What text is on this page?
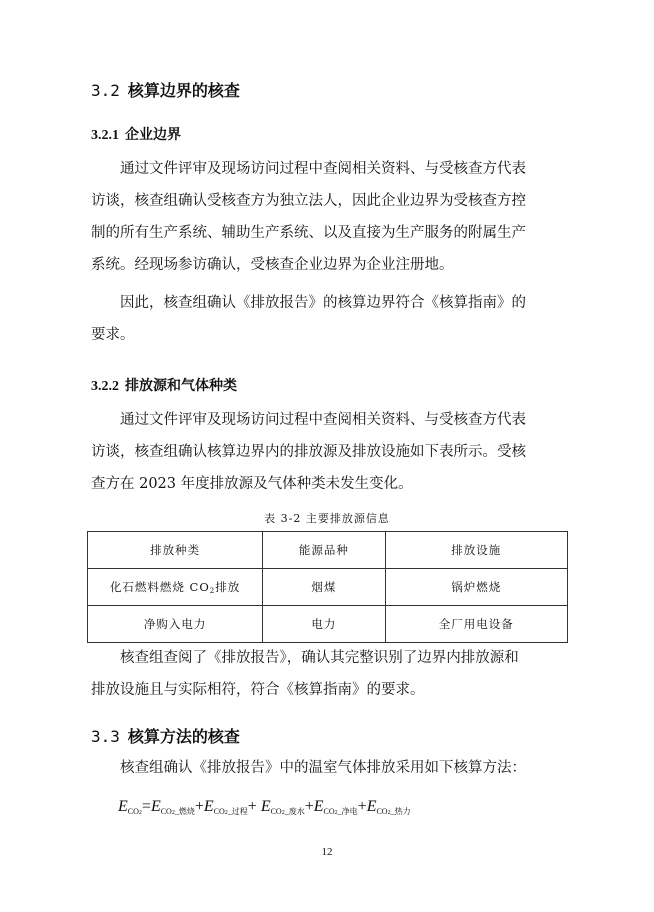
3.2 核算边界的核查
3.2.1 企业边界
通过文件评审及现场访问过程中查阅相关资料、与受核查方代表
访谈，核查组确认受核查方为独立法人，因此企业边界为受核查方控
制的所有生产系统、辅助生产系统、以及直接为生产服务的附属生产
系统。经现场参访确认，受核查企业边界为企业注册地。
因此，核查组确认《排放报告》的核算边界符合《核算指南》的
要求。
3.2.2 排放源和气体种类
通过文件评审及现场访问过程中查阅相关资料、与受核查方代表
访谈，核查组确认核算边界内的排放源及排放设施如下表所示。受核
查方在 2023 年度排放源及气体种类未发生变化。
表 3-2 主要排放源信息
排放种类	能源品种	排放设施
化石燃料燃烧 $CO_2$排放	烟煤	锅炉燃烧
净购入电力	电力	全厂用电设备
核查组查阅了《排放报告》，确认其完整识别了边界内排放源和
排放设施且与实际相符，符合《核算指南》的要求。
3.3 核算方法的核查
核查组确认《排放报告》中的温室气体排放采用如下核算方法：
$E_{CO2}=E_{CO2\_燃烧}+E_{CO2\_过程}+ E_{CO2\_废水}+E_{CO2\_净电}+E_{CO2\_热力}$
12
